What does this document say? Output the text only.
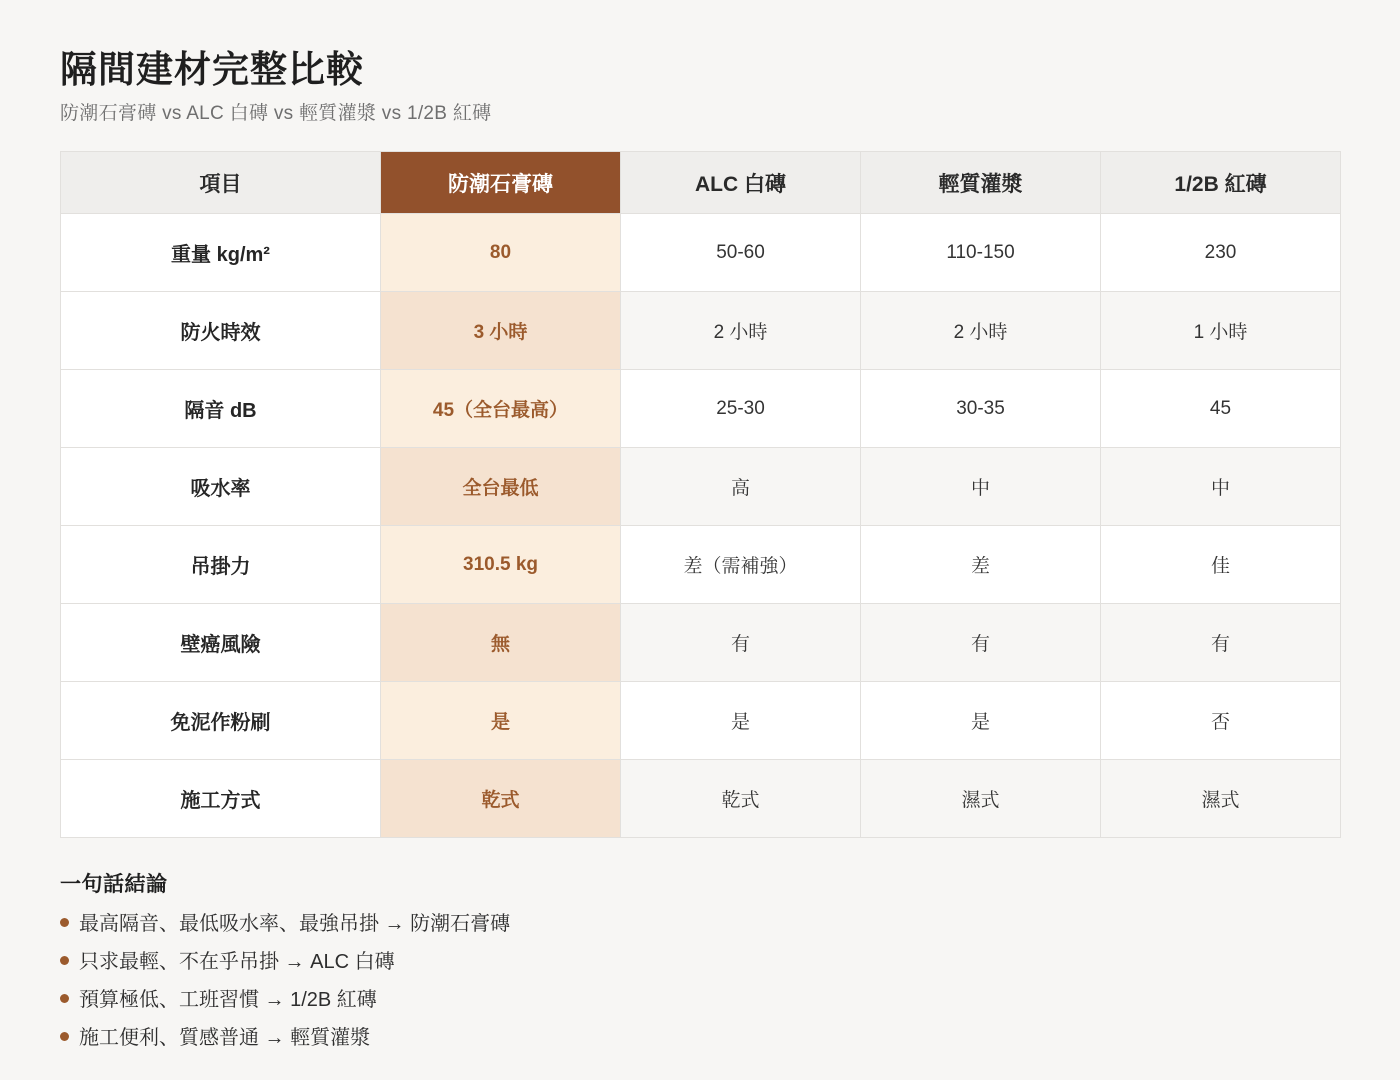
隔間建材完整比較

防潮石膏磚 vs ALC 白磚 vs 輕質灌漿 vs 1/2B 紅磚

項目	防潮石膏磚	ALC 白磚	輕質灌漿	1/2B 紅磚
重量 kg/m²	80	50-60	110-150	230
防火時效	3 小時	2 小時	2 小時	1 小時
隔音 dB	45（全台最高）	25-30	30-35	45
吸水率	全台最低	高	中	中
吊掛力	310.5 kg	差（需補強）	差	佳
壁癌風險	無	有	有	有
免泥作粉刷	是	是	是	否
施工方式	乾式	乾式	濕式	濕式
一句話結論
最高隔音、最低吸水率、最強吊掛 → 防潮石膏磚
只求最輕、不在乎吊掛 → ALC 白磚
預算極低、工班習慣 → 1/2B 紅磚
施工便利、質感普通 → 輕質灌漿
